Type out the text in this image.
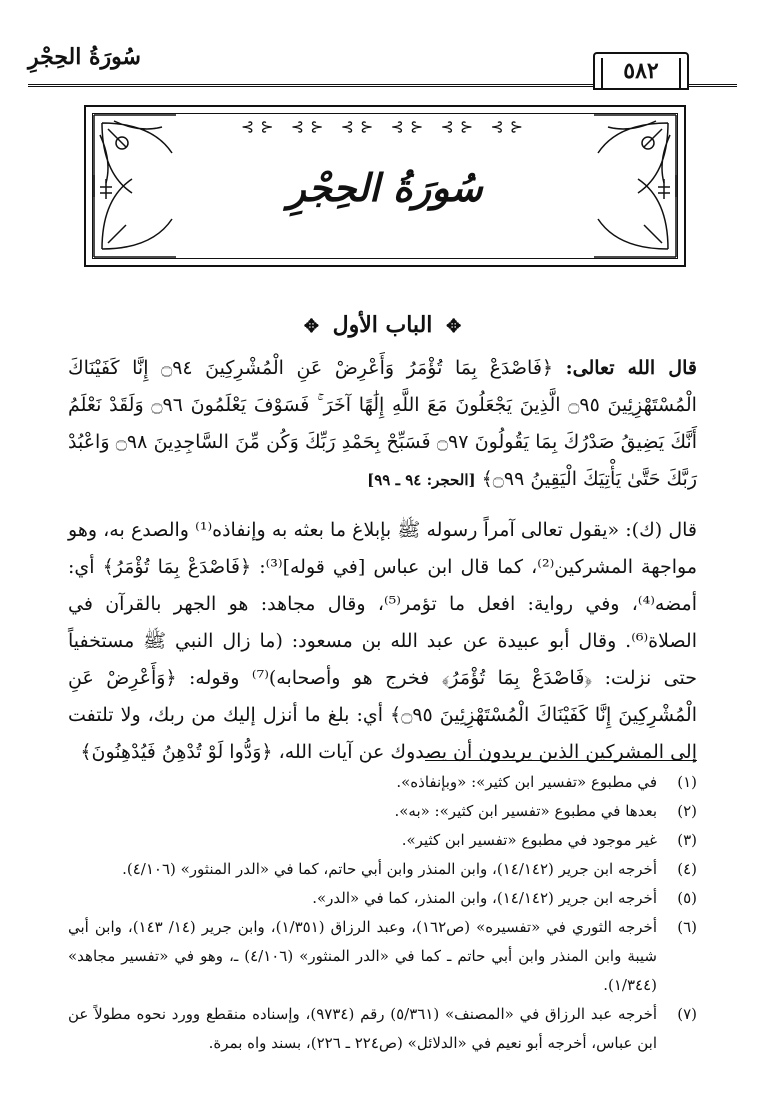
سُورَةُ الحِجْرِ
٥٨٢
⊰⊱ ⊰⊱ ⊰⊱ ⊰⊱ ⊰⊱ ⊰⊱
سُورَةُ الحِجْرِ
✥ الباب الأول ✥
قال الله تعالى: ﴿فَاصْدَعْ بِمَا تُؤْمَرُ وَأَعْرِضْ عَنِ الْمُشْرِكِينَ ۝٩٤ إِنَّا كَفَيْنَاكَ الْمُسْتَهْزِئِينَ ۝٩٥ الَّذِينَ يَجْعَلُونَ مَعَ اللَّهِ إِلَٰهًا آخَرَ ۚ فَسَوْفَ يَعْلَمُونَ ۝٩٦ وَلَقَدْ نَعْلَمُ أَنَّكَ يَضِيقُ صَدْرُكَ بِمَا يَقُولُونَ ۝٩٧ فَسَبِّحْ بِحَمْدِ رَبِّكَ وَكُن مِّنَ السَّاجِدِينَ ۝٩٨ وَاعْبُدْ رَبَّكَ حَتَّىٰ يَأْتِيَكَ الْيَقِينُ ۝٩٩﴾ [الحجر: ٩٤ ـ ٩٩]
قال (ك): «يقول تعالى آمراً رسوله ﷺ بإبلاغ ما بعثه به وإنفاذه⁽¹⁾ والصدع به، وهو مواجهة المشركين⁽²⁾، كما قال ابن عباس [في قوله]⁽³⁾: ﴿فَاصْدَعْ بِمَا تُؤْمَرُ﴾ أي: أمضه⁽⁴⁾، وفي رواية: افعل ما تؤمر⁽⁵⁾، وقال مجاهد: هو الجهر بالقرآن في الصلاة⁽⁶⁾. وقال أبو عبيدة عن عبد الله بن مسعود: (ما زال النبي ﷺ مستخفياً حتى نزلت: ﴿فَاصْدَعْ بِمَا تُؤْمَرُ﴾ فخرج هو وأصحابه)⁽⁷⁾ وقوله: ﴿وَأَعْرِضْ عَنِ الْمُشْرِكِينَ إِنَّا كَفَيْنَاكَ الْمُسْتَهْزِئِينَ ۝٩٥﴾ أي: بلغ ما أنزل إليك من ربك، ولا تلتفت إلى المشركين الذين يريدون أن يصدوك عن آيات الله، ﴿وَدُّوا لَوْ تُدْهِنُ فَيُدْهِنُونَ﴾
(١)
في مطبوع «تفسير ابن كثير»: «وبإنفاذه».
(٢)
بعدها في مطبوع «تفسير ابن كثير»: «به».
(٣)
غير موجود في مطبوع «تفسير ابن كثير».
(٤)
أخرجه ابن جرير (١٤/١٤٢)، وابن المنذر وابن أبي حاتم، كما في «الدر المنثور» (٤/١٠٦).
(٥)
أخرجه ابن جرير (١٤/١٤٢)، وابن المنذر، كما في «الدر».
(٦)
أخرجه الثوري في «تفسيره» (ص١٦٢)، وعبد الرزاق (١/٣٥١)، وابن جرير (١٤/ ١٤٣)، وابن أبي شيبة وابن المنذر وابن أبي حاتم ـ كما في «الدر المنثور» (٤/١٠٦) ـ، وهو في «تفسير مجاهد» (١/٣٤٤).
(٧)
أخرجه عبد الرزاق في «المصنف» (٥/٣٦١) رقم (٩٧٣٤)، وإسناده منقطع وورد نحوه مطولاً عن ابن عباس، أخرجه أبو نعيم في «الدلائل» (ص٢٢٤ ـ ٢٢٦)، بسند واه بمرة.
